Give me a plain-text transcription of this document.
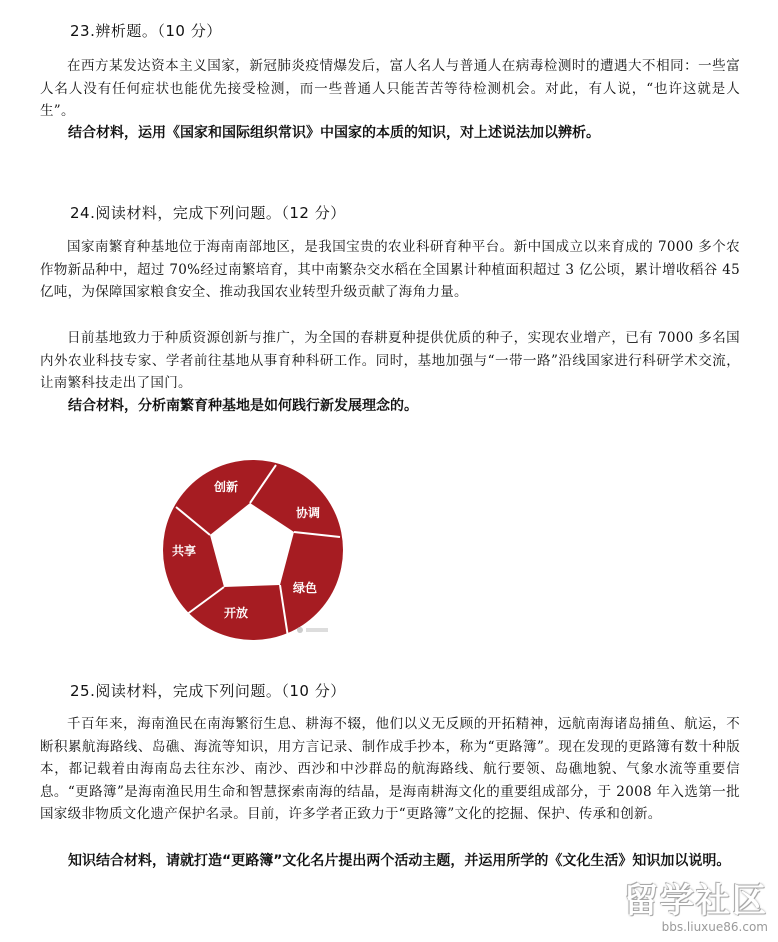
23.辨析题。（10 分）
在西方某发达资本主义国家，新冠肺炎疫情爆发后，富人名人与普通人在病毒检测时的遭遇大不相同：一些富人名人没有任何症状也能优先接受检测，而一些普通人只能苦苦等待检测机会。对此，有人说，“也许这就是人生”。
结合材料，运用《国家和国际组织常识》中国家的本质的知识，对上述说法加以辨析。
24.阅读材料，完成下列问题。（12 分）
国家南繁育种基地位于海南南部地区，是我国宝贵的农业科研育种平台。新中国成立以来育成的 7000 多个农作物新品种中，超过 70%经过南繁培育，其中南繁杂交水稻在全国累计种植面积超过 3 亿公顷，累计增收稻谷 45 亿吨，为保障国家粮食安全、推动我国农业转型升级贡献了海角力量。
日前基地致力于种质资源创新与推广，为全国的春耕夏种提供优质的种子，实现农业增产，已有 7000 多名国内外农业科技专家、学者前往基地从事育种科研工作。同时，基地加强与“一带一路”沿线国家进行科研学术交流，让南繁科技走出了国门。
结合材料，分析南繁育种基地是如何践行新发展理念的。
创新
协调
绿色
开放
共享
25.阅读材料，完成下列问题。（10 分）
千百年来，海南渔民在南海繁衍生息、耕海不辍，他们以义无反顾的开拓精神，远航南海诸岛捕鱼、航运，不断积累航海路线、岛礁、海流等知识，用方言记录、制作成手抄本，称为“更路簿”。现在发现的更路簿有数十种版本，都记载着由海南岛去往东沙、南沙、西沙和中沙群岛的航海路线、航行要领、岛礁地貌、气象水流等重要信息。“更路簿”是海南渔民用生命和智慧探索南海的结晶，是海南耕海文化的重要组成部分，于 2008 年入选第一批国家级非物质文化遗产保护名录。目前，许多学者正致力于“更路簿”文化的挖掘、保护、传承和创新。
知识结合材料，请就打造“更路簿”文化名片提出两个活动主题，并运用所学的《文化生活》知识加以说明。
留学社区
bbs.liuxue86.com
